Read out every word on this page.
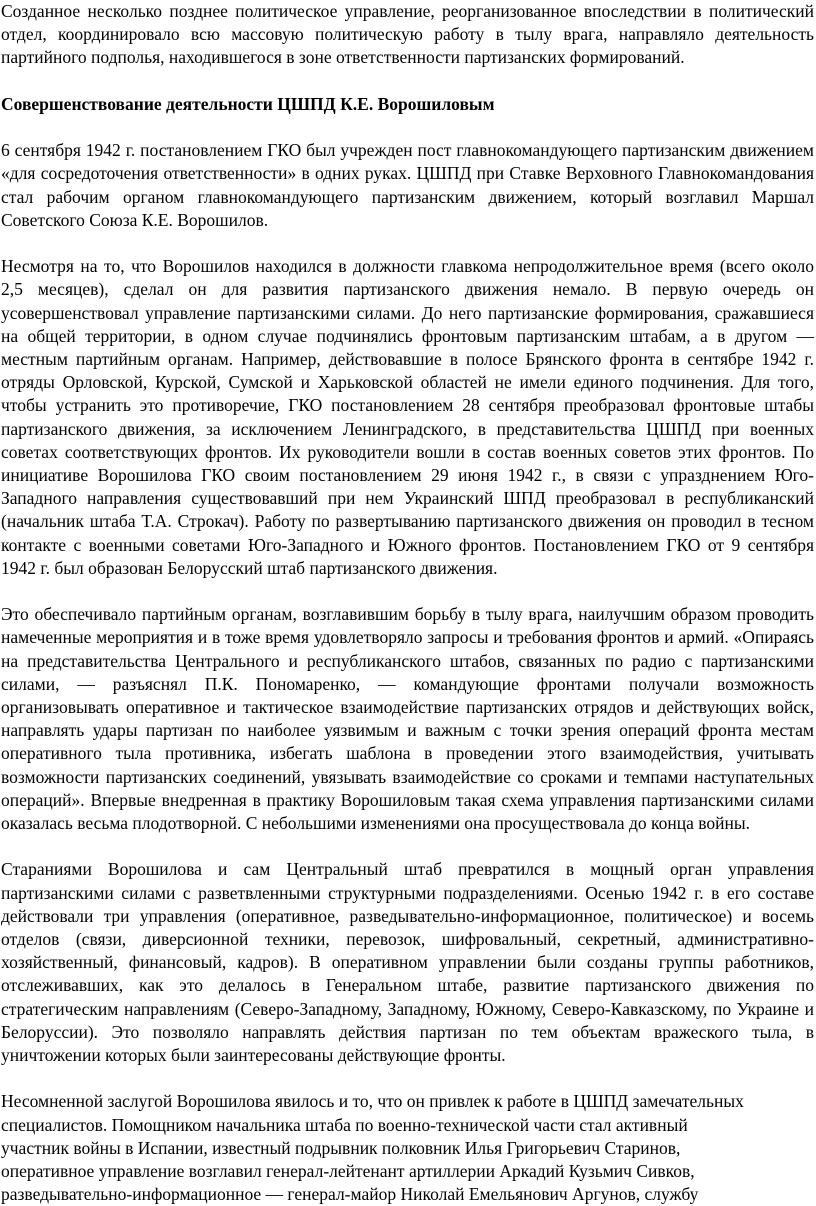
Созданное несколько позднее политическое управление, реорганизованное впоследствии в политический отдел, координировало всю массовую политическую работу в тылу врага, направляло деятельность партийного подполья, находившегося в зоне ответственности партизанских формирований.

Совершенствование деятельности ЦШПД К.Е. Ворошиловым

6 сентября 1942 г. постановлением ГКО был учрежден пост главнокомандующего партизанским движением «для сосредоточения ответственности» в одних руках. ЦШПД при Ставке Верховного Главнокомандования стал рабочим органом главнокомандующего партизанским движением, который возглавил Маршал Советского Союза К.Е. Ворошилов.

Несмотря на то, что Ворошилов находился в должности главкома непродолжительное время (всего около 2,5 месяцев), сделал он для развития партизанского движения немало. В первую очередь он усовершенствовал управление партизанскими силами. До него партизанские формирования, сражавшиеся на общей территории, в одном случае подчинялись фронтовым партизанским штабам, а в другом — местным партийным органам. Например, действовавшие в полосе Брянского фронта в сентябре 1942 г. отряды Орловской, Курской, Сумской и Харьковской областей не имели единого подчинения. Для того, чтобы устранить это противоречие, ГКО постановлением 28 сентября преобразовал фронтовые штабы партизанского движения, за исключением Ленинградского, в представительства ЦШПД при военных советах соответствующих фронтов. Их руководители вошли в состав военных советов этих фронтов. По инициативе Ворошилова ГКО своим постановлением 29 июня 1942 г., в связи с упразднением Юго-Западного направления существовавший при нем Украинский ШПД преобразовал в республиканский (начальник штаба Т.А. Строкач). Работу по развертыванию партизанского движения он проводил в тесном контакте с военными советами Юго-Западного и Южного фронтов. Постановлением ГКО от 9 сентября 1942 г. был образован Белорусский штаб партизанского движения.

Это обеспечивало партийным органам, возглавившим борьбу в тылу врага, наилучшим образом проводить намеченные мероприятия и в тоже время удовлетворяло запросы и требования фронтов и армий. «Опираясь на представительства Центрального и республиканского штабов, связанных по радио с партизанскими силами, — разъяснял П.К. Пономаренко, — командующие фронтами получали возможность организовывать оперативное и тактическое взаимодействие партизанских отрядов и действующих войск, направлять удары партизан по наиболее уязвимым и важным с точки зрения операций фронта местам оперативного тыла противника, избегать шаблона в проведении этого взаимодействия, учитывать возможности партизанских соединений, увязывать взаимодействие со сроками и темпами наступательных операций». Впервые внедренная в практику Ворошиловым такая схема управления партизанскими силами оказалась весьма плодотворной. С небольшими изменениями она просуществовала до конца войны.

Стараниями Ворошилова и сам Центральный штаб превратился в мощный орган управления партизанскими силами с разветвленными структурными подразделениями. Осенью 1942 г. в его составе действовали три управления (оперативное, разведывательно-информационное, политическое) и восемь отделов (связи, диверсионной техники, перевозок, шифровальный, секретный, административно-хозяйственный, финансовый, кадров). В оперативном управлении были созданы группы работников, отслеживавших, как это делалось в Генеральном штабе, развитие партизанского движения по стратегическим направлениям (Северо-Западному, Западному, Южному, Северо-Кавказскому, по Украине и Белоруссии). Это позволяло направлять действия партизан по тем объектам вражеского тыла, в уничтожении которых были заинтересованы действующие фронты.

Несомненной заслугой Ворошилова явилось и то, что он привлек к работе в ЦШПД замечательных
специалистов. Помощником начальника штаба по военно-технической части стал активный
участник войны в Испании, известный подрывник полковник Илья Григорьевич Старинов,
оперативное управление возглавил генерал-лейтенант артиллерии Аркадий Кузьмич Сивков,
разведывательно-информационное — генерал-майор Николай Емельянович Аргунов, службу
